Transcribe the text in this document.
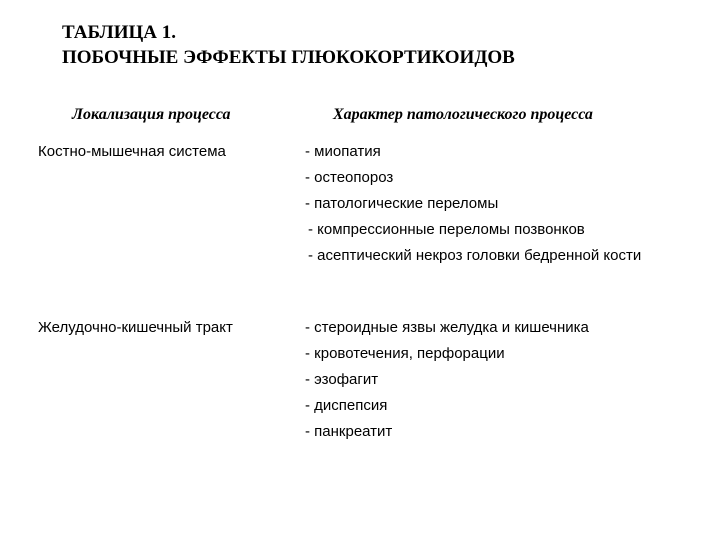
ТАБЛИЦА 1.
ПОБОЧНЫЕ ЭФФЕКТЫ ГЛЮКОКОРТИКОИДОВ
Локализация процесса	Характер патологического процесса
Костно-мышечная система	- миопатия
- остеопороз
- патологические переломы
- компрессионные переломы позвонков
- асептический некроз головки бедренной кости
Желудочно-кишечный тракт	- стероидные язвы желудка и кишечника
- кровотечения, перфорации
- эзофагит
- диспепсия
- панкреатит
